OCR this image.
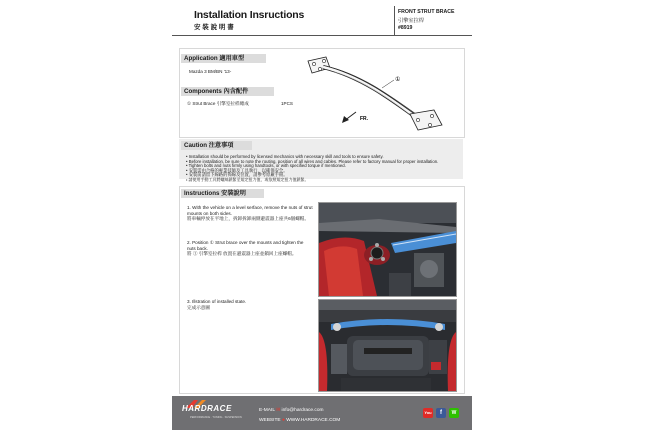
Installation Insructions
安 裝 說 明 書
FRONT STRUT BRACE
引擎室拉桿
#8919
Application 適用車型
Mazda 3 BM/BN '13-
Components 內含配件
① Strut Brace 引擎室拉桿總成	1PCS
①
FR.
Caution 注意事項
• Installation should be performed by licensed mechanics with necessary skill and tools to ensure safety.
• Before installation, be sure to note the routing, position of all wires and cables. Please refer to factory manual for proper installation.
• Tighten bolts and nuts firmly using handtools, or with specified torque if mentioned.
• 安裝需由合格的專業技師及工具執行，以確保安全。
• 安裝前請留下線路的佈線及位置，請參考原廠手冊。
• 請使用手動工具將螺絲鎖緊至規定扭力值，或依照規定扭力值鎖緊。
Instructions 安裝說明
1. With the vehicle on a level serface, remove the nuts of strut mounts on both sides.
將車輛停放在平地上，拆卸拆卸兩側避震器上座共6個螺帽。
2. Position ① Strut brace over the mounts and tighten the nuts back.
將 ① 引擎室拉桿 放置在避震器上座並鎖回上座螺帽。
3. Illstration of installed state.
完成示意圖
HARDRACE
PERFORMANCE · TUNING · SUSPENSION
E-MAIL ✉ info@hardrace.com
WEBSITE ● WWW.HARDRACE.COM
You	f	W
